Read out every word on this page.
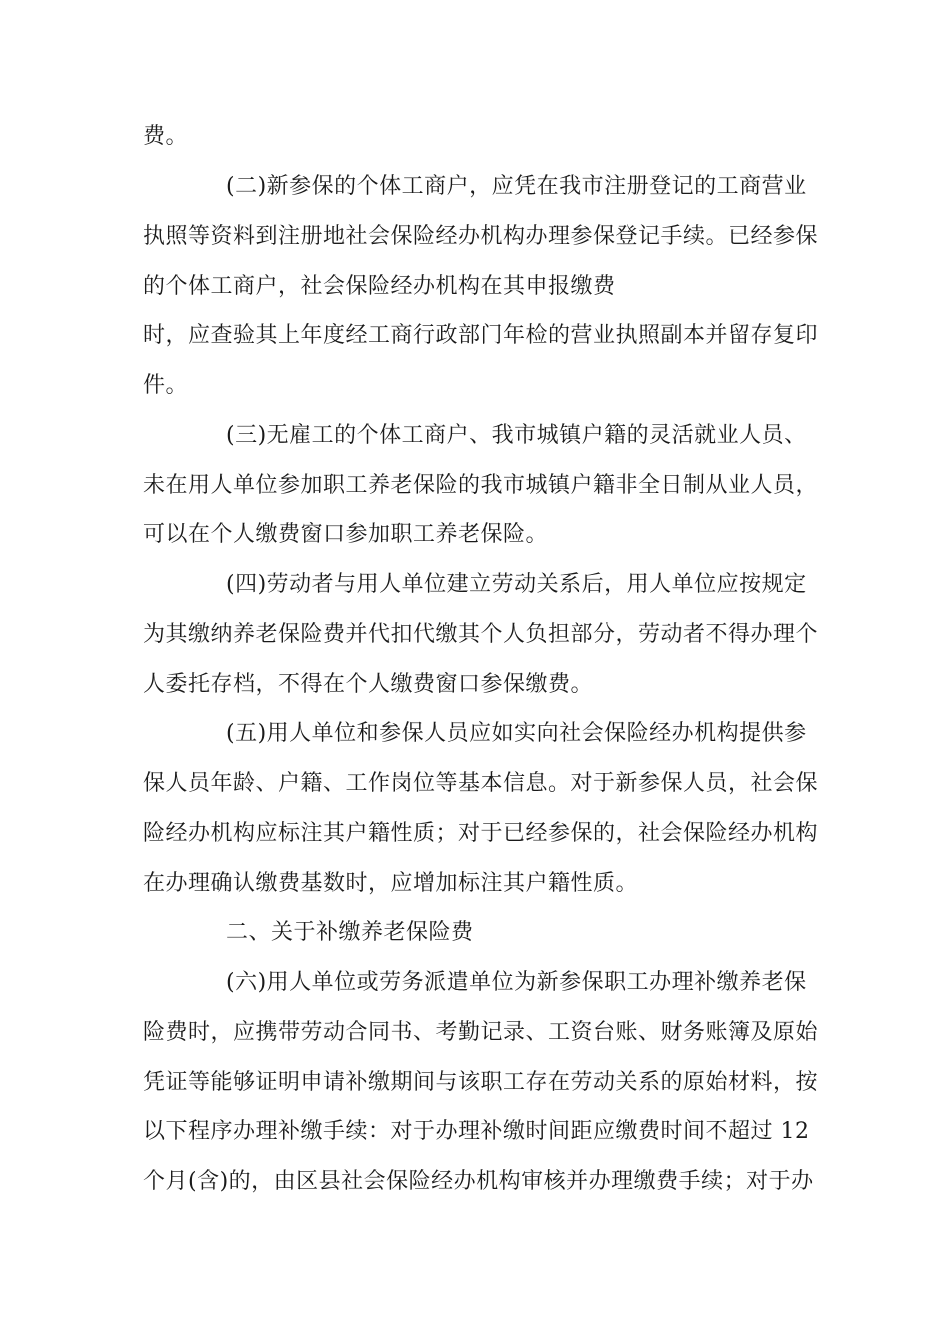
费。
(二)新参保的个体工商户，应凭在我市注册登记的工商营业
执照等资料到注册地社会保险经办机构办理参保登记手续。已经参保
的个体工商户，社会保险经办机构在其申报缴费
时，应查验其上年度经工商行政部门年检的营业执照副本并留存复印
件。
(三)无雇工的个体工商户、我市城镇户籍的灵活就业人员、
未在用人单位参加职工养老保险的我市城镇户籍非全日制从业人员，
可以在个人缴费窗口参加职工养老保险。
(四)劳动者与用人单位建立劳动关系后，用人单位应按规定
为其缴纳养老保险费并代扣代缴其个人负担部分，劳动者不得办理个
人委托存档，不得在个人缴费窗口参保缴费。
(五)用人单位和参保人员应如实向社会保险经办机构提供参
保人员年龄、户籍、工作岗位等基本信息。对于新参保人员，社会保
险经办机构应标注其户籍性质；对于已经参保的，社会保险经办机构
在办理确认缴费基数时，应增加标注其户籍性质。
二、关于补缴养老保险费
(六)用人单位或劳务派遣单位为新参保职工办理补缴养老保
险费时，应携带劳动合同书、考勤记录、工资台账、财务账簿及原始
凭证等能够证明申请补缴期间与该职工存在劳动关系的原始材料，按
以下程序办理补缴手续：对于办理补缴时间距应缴费时间不超过 12
个月(含)的，由区县社会保险经办机构审核并办理缴费手续；对于办
